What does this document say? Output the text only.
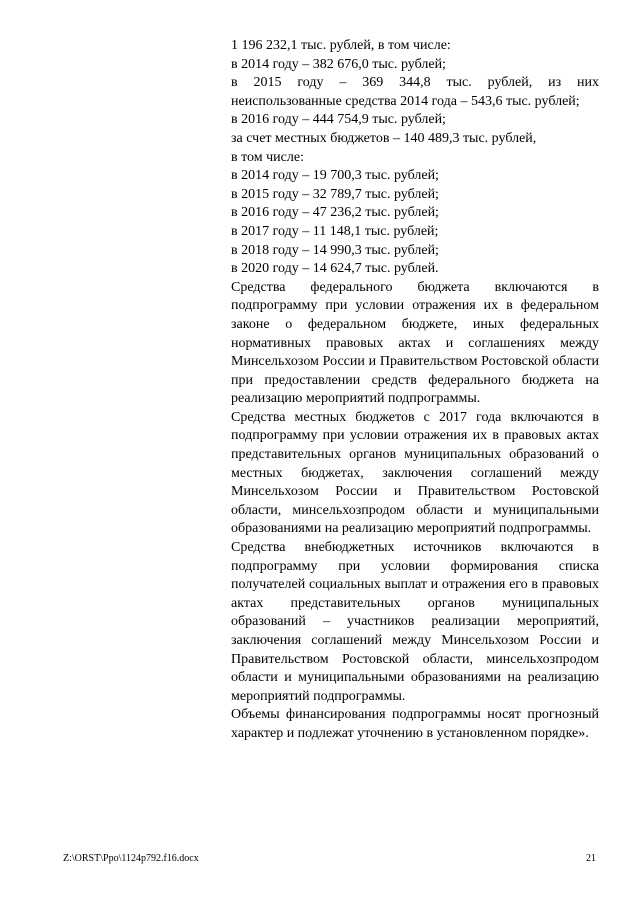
1 196 232,1 тыс. рублей, в том числе:
в 2014 году – 382 676,0 тыс. рублей;
в 2015 году – 369 344,8 тыс. рублей, из них неиспользованные средства 2014 года – 543,6 тыс. рублей;
в 2016 году – 444 754,9 тыс. рублей;
за счет местных бюджетов – 140 489,3 тыс. рублей,
в том числе:
в 2014 году – 19 700,3 тыс. рублей;
в 2015 году – 32 789,7 тыс. рублей;
в 2016 году – 47 236,2 тыс. рублей;
в 2017 году – 11 148,1 тыс. рублей;
в 2018 году – 14 990,3 тыс. рублей;
в 2020 году – 14 624,7 тыс. рублей.
Средства федерального бюджета включаются в подпрограмму при условии отражения их в федеральном законе о федеральном бюджете, иных федеральных нормативных правовых актах и соглашениях между Минсельхозом России и Правительством Ростовской области при предоставлении средств федерального бюджета на реализацию мероприятий подпрограммы.
Средства местных бюджетов с 2017 года включаются в подпрограмму при условии отражения их в правовых актах представительных органов муниципальных образований о местных бюджетах, заключения соглашений между Минсельхозом России и Правительством Ростовской области, минсельхозпродом области и муниципальными образованиями на реализацию мероприятий подпрограммы.
Средства внебюджетных источников включаются в подпрограмму при условии формирования списка получателей социальных выплат и отражения его в правовых актах представительных органов муниципальных образований – участников реализации мероприятий, заключения соглашений между Минсельхозом России и Правительством Ростовской области, минсельхозпродом области и муниципальными образованиями на реализацию мероприятий подпрограммы.
Объемы финансирования подпрограммы носят прогнозный характер и подлежат уточнению в установленном порядке».
Z:\ORST\Ppo\1124p792.f16.docx	21
